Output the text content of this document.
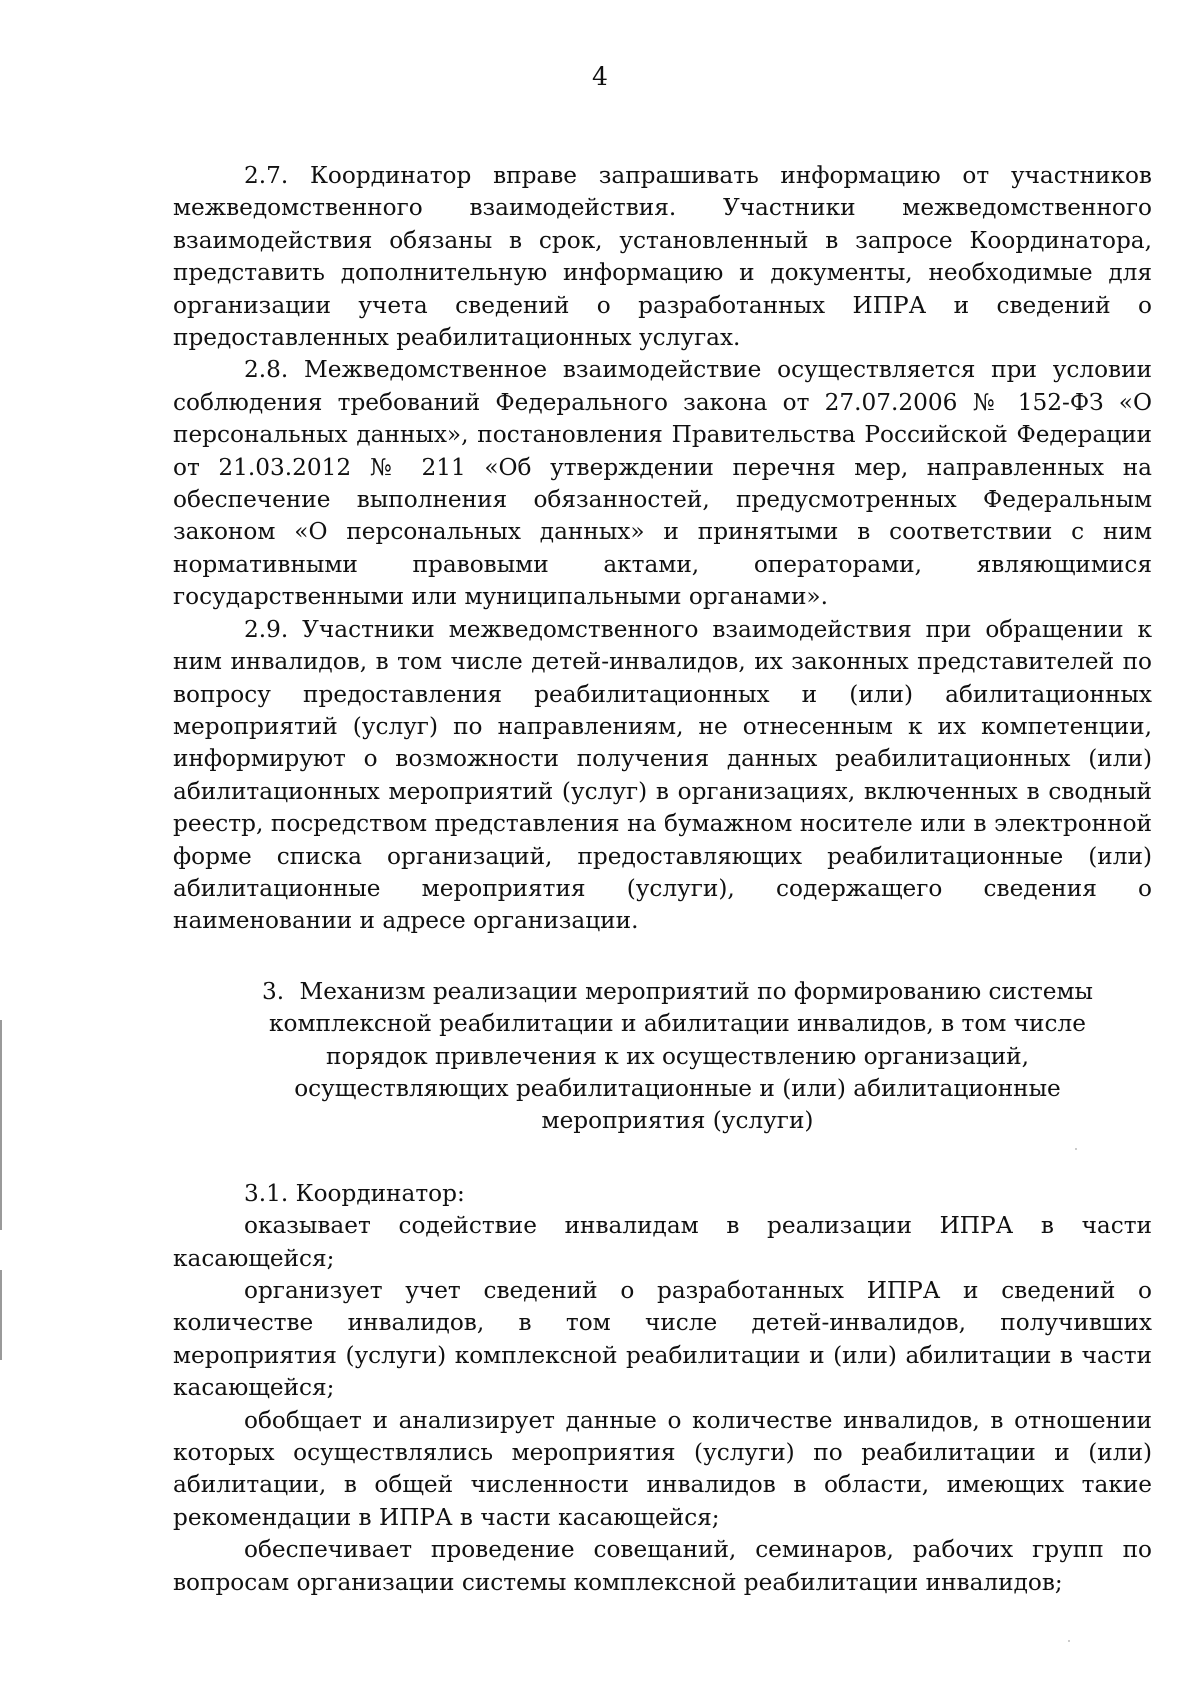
4

2.7. Координатор вправе запрашивать информацию от участников межведомственного взаимодействия. Участники межведомственного взаимодействия обязаны в срок, установленный в запросе Координатора, представить дополнительную информацию и документы, необходимые для организации учета сведений о разработанных ИПРА и сведений о предоставленных реабилитационных услугах.

2.8. Межведомственное взаимодействие осуществляется при условии соблюдения требований Федерального закона от 27.07.2006 № 152-ФЗ «О персональных данных», постановления Правительства Российской Федерации от 21.03.2012 № 211 «Об утверждении перечня мер, направленных на обеспечение выполнения обязанностей, предусмотренных Федеральным законом «О персональных данных» и принятыми в соответствии с ним нормативными правовыми актами, операторами, являющимися государственными или муниципальными органами».

2.9. Участники межведомственного взаимодействия при обращении к ним инвалидов, в том числе детей-инвалидов, их законных представителей по вопросу предоставления реабилитационных и (или) абилитационных мероприятий (услуг) по направлениям, не отнесенным к их компетенции, информируют о возможности получения данных реабилитационных (или) абилитационных мероприятий (услуг) в организациях, включенных в сводный реестр, посредством представления на бумажном носителе или в электронной форме списка организаций, предоставляющих реабилитационные (или) абилитационные мероприятия (услуги), содержащего сведения о наименовании и адресе организации.

3. Механизм реализации мероприятий по формированию системы комплексной реабилитации и абилитации инвалидов, в том числе порядок привлечения к их осуществлению организаций, осуществляющих реабилитационные и (или) абилитационные мероприятия (услуги)

3.1. Координатор:

оказывает содействие инвалидам в реализации ИПРА в части касающейся;

организует учет сведений о разработанных ИПРА и сведений о количестве инвалидов, в том числе детей-инвалидов, получивших мероприятия (услуги) комплексной реабилитации и (или) абилитации в части касающейся;

обобщает и анализирует данные о количестве инвалидов, в отношении которых осуществлялись мероприятия (услуги) по реабилитации и (или) абилитации, в общей численности инвалидов в области, имеющих такие рекомендации в ИПРА в части касающейся;

обеспечивает проведение совещаний, семинаров, рабочих групп по вопросам организации системы комплексной реабилитации инвалидов;
